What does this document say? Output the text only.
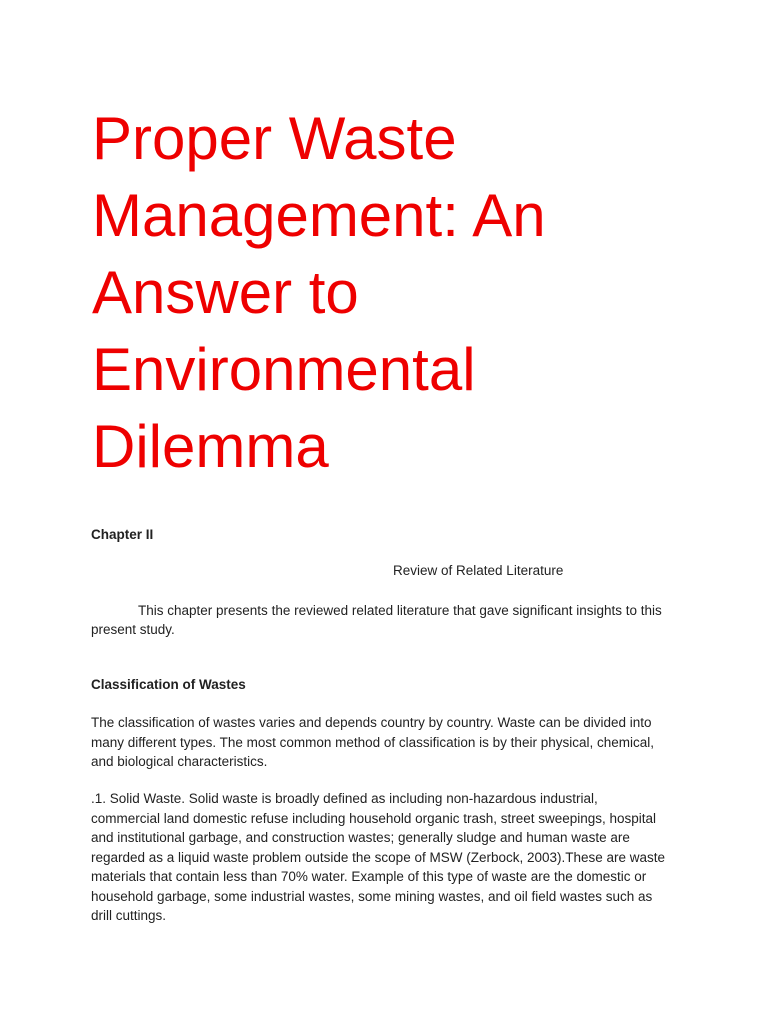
Proper Waste
Management: An
Answer to
Environmental
Dilemma

Chapter II

Review of Related Literature

This chapter presents the reviewed related literature that gave significant insights to this
present study.

Classification of Wastes

The classification of wastes varies and depends country by country. Waste can be divided into
many different types. The most common method of classification is by their physical, chemical,
and biological characteristics.

.1. Solid Waste. Solid waste is broadly defined as including non-hazardous industrial,
commercial land domestic refuse including household organic trash, street sweepings, hospital
and institutional garbage, and construction wastes; generally sludge and human waste are
regarded as a liquid waste problem outside the scope of MSW (Zerbock, 2003).These are waste
materials that contain less than 70% water. Example of this type of waste are the domestic or
household garbage, some industrial wastes, some mining wastes, and oil field wastes such as
drill cuttings.
